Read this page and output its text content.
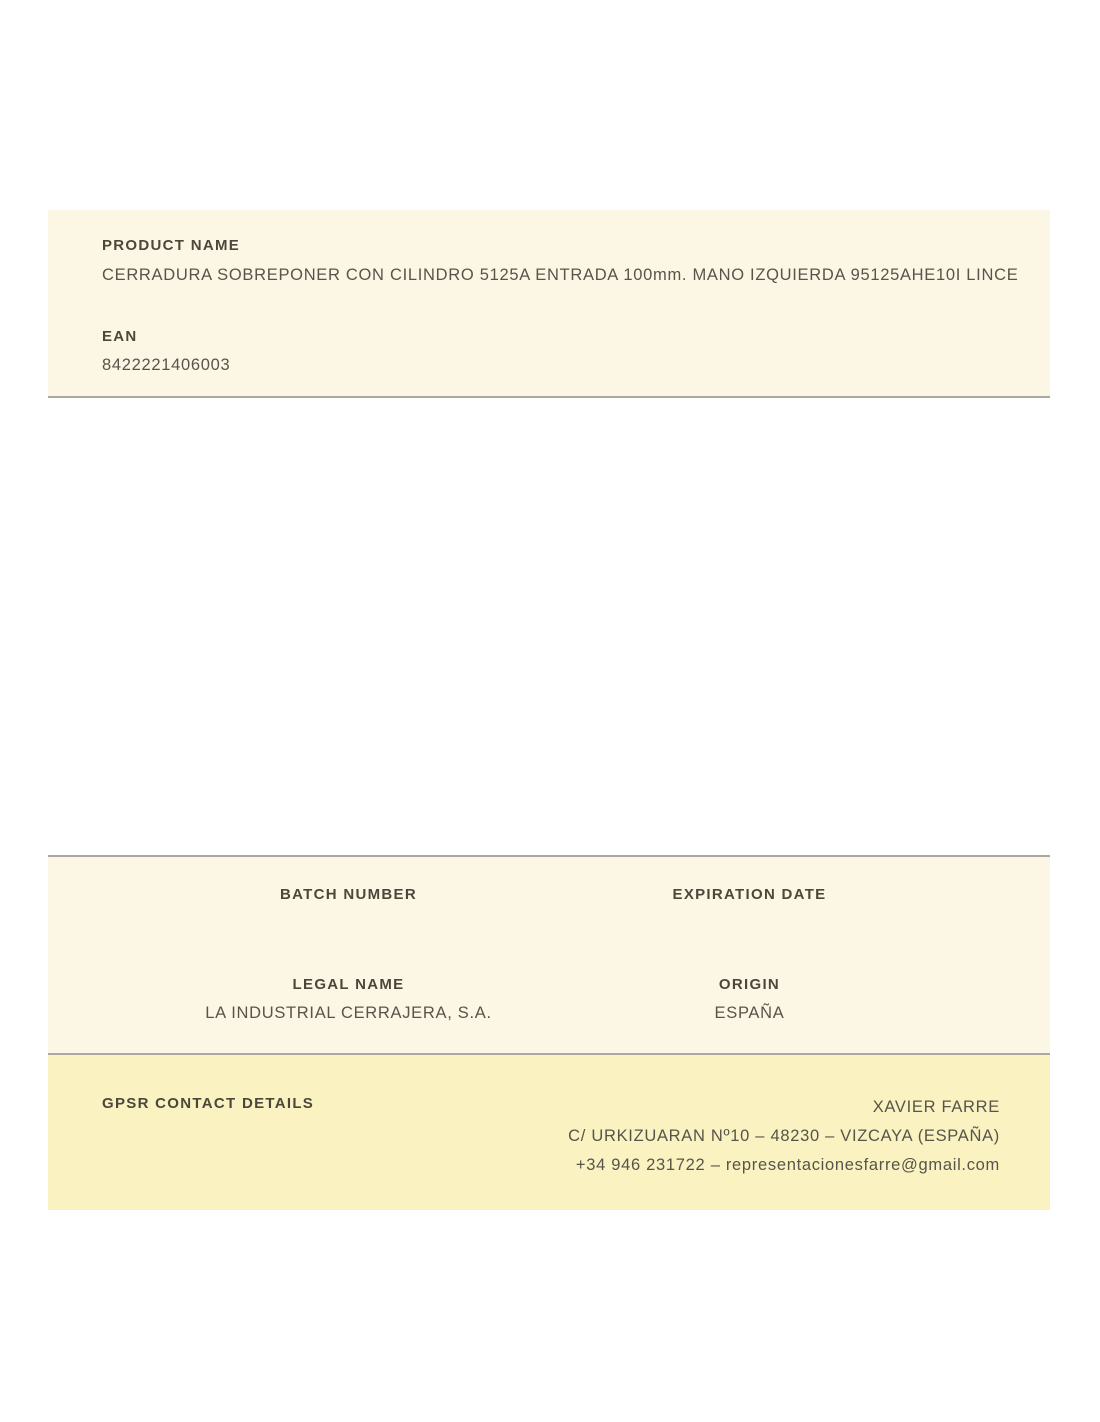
PRODUCT NAME
CERRADURA SOBREPONER CON CILINDRO 5125A ENTRADA 100mm. MANO IZQUIERDA 95125AHE10I LINCE
EAN
8422221406003
BATCH NUMBER	EXPIRATION DATE
LEGAL NAME	ORIGIN
LA INDUSTRIAL CERRAJERA, S.A.	ESPAÑA
GPSR CONTACT DETAILS	XAVIER FARRE
C/ URKIZUARAN Nº10 – 48230 – VIZCAYA (ESPAÑA)
+34 946 231722 – representacionesfarre@gmail.com
